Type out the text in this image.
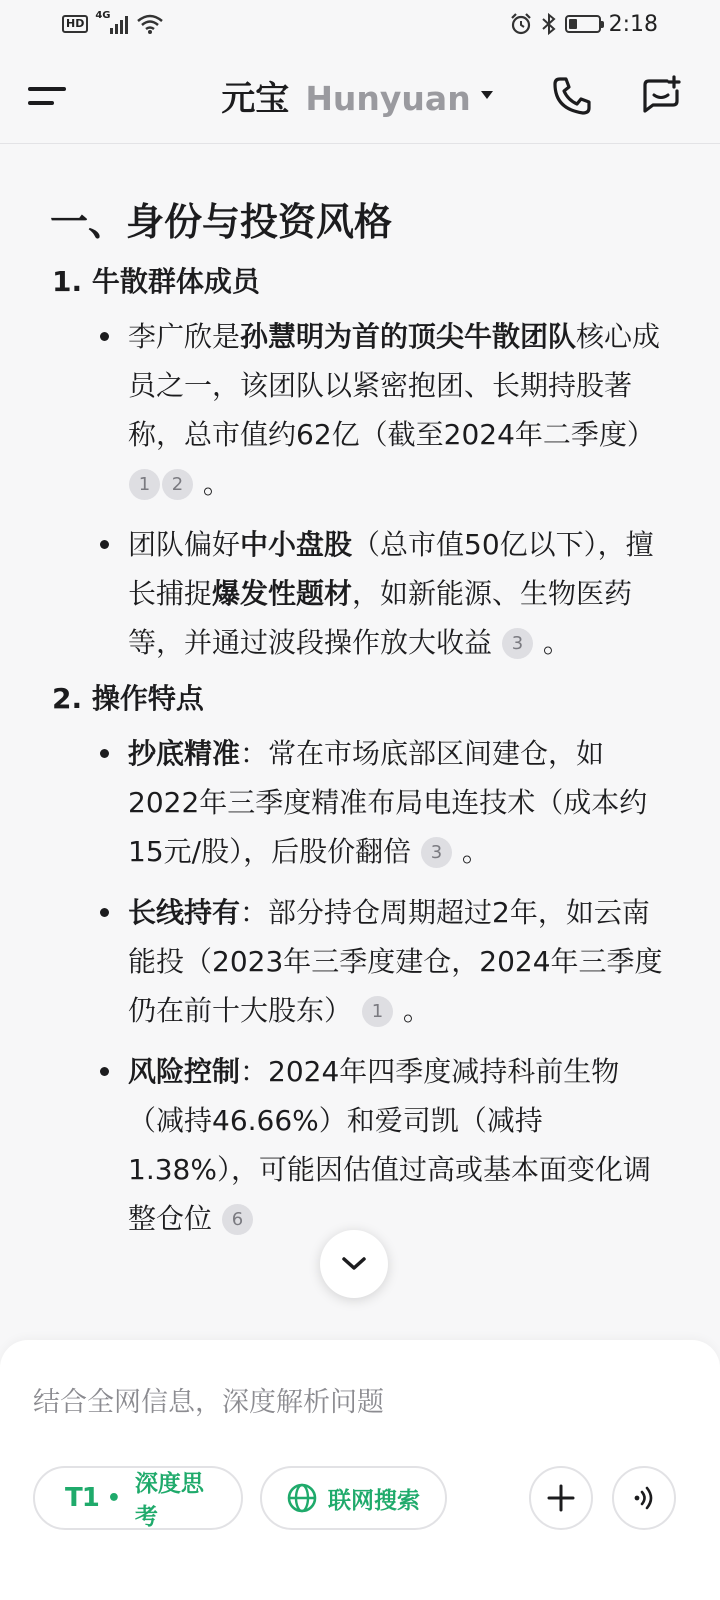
HD
4G	2:18
元宝 Hunyuan
一、身份与投资风格
1. 牛散群体成员
李广欣是孙慧明为首的顶尖牛散团队核心成员之一，该团队以紧密抱团、长期持股著称，总市值约62亿（截至2024年二季度） 1 2 。
团队偏好中小盘股（总市值50亿以下），擅长捕捉爆发性题材，如新能源、生物医药等，并通过波段操作放大收益 3 。
2. 操作特点
抄底精准：常在市场底部区间建仓，如2022年三季度精准布局电连技术（成本约15元/股），后股价翻倍 3 。
长线持有：部分持仓周期超过2年，如云南能投（2023年三季度建仓，2024年三季度仍在前十大股东） 1 。
风险控制：2024年四季度减持科前生物（减持46.66%）和爱司凯（减持1.38%），可能因估值过高或基本面变化调整仓位 6
结合全网信息，深度解析问题
T1 •
深度思考
联网搜索
